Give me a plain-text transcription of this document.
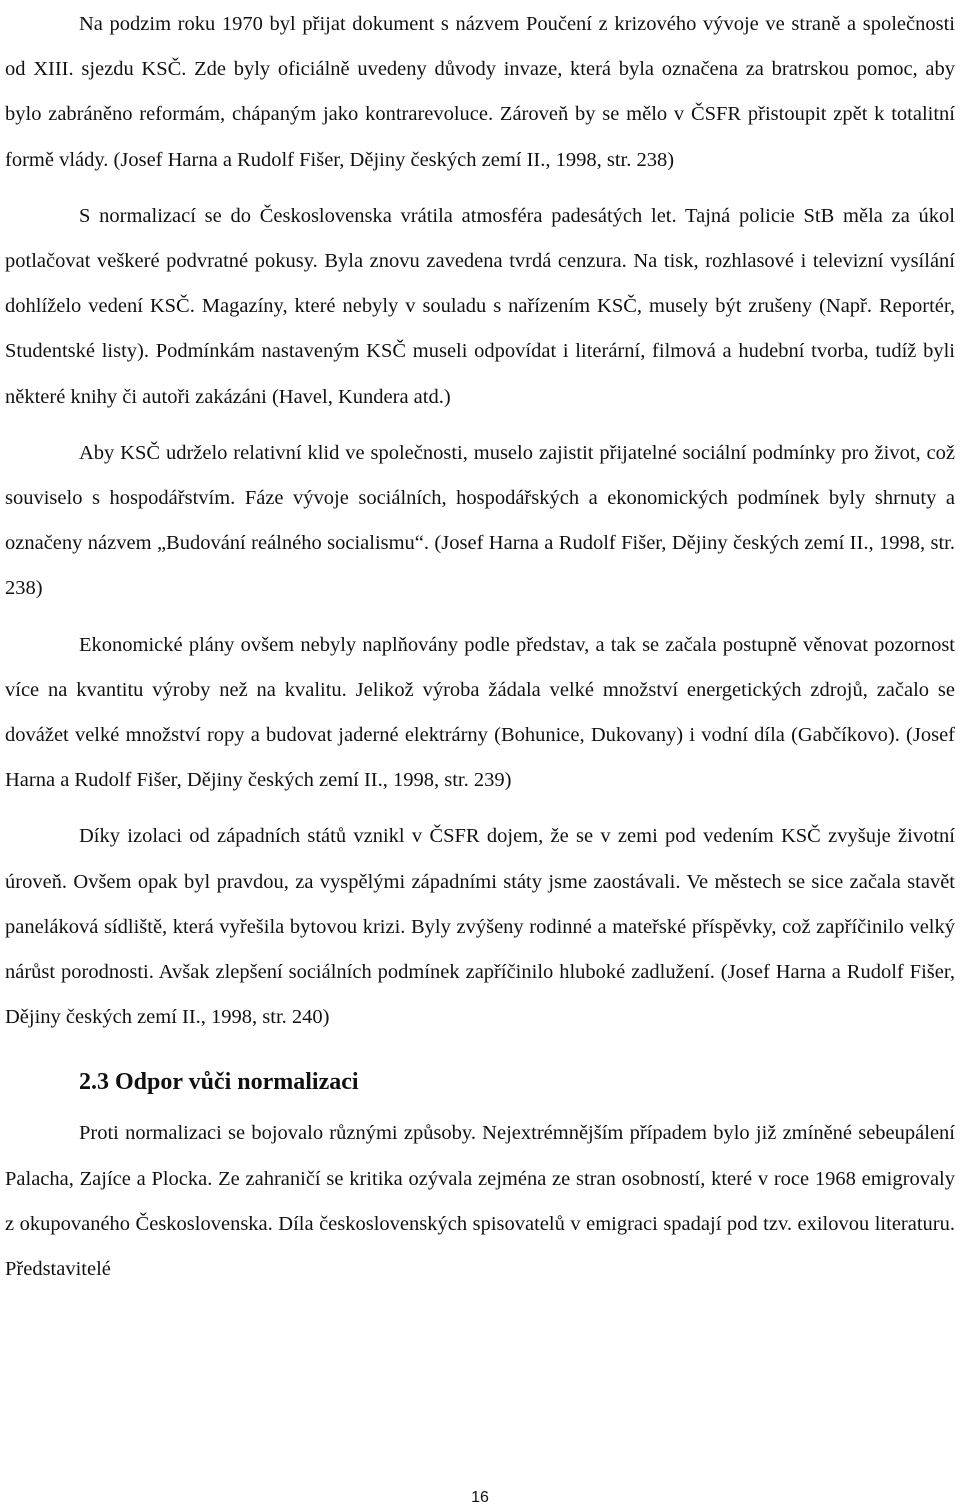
Na podzim roku 1970 byl přijat dokument s názvem Poučení z krizového vývoje ve straně a společnosti od XIII. sjezdu KSČ. Zde byly oficiálně uvedeny důvody invaze, která byla označena za bratrskou pomoc, aby bylo zabráněno reformám, chápaným jako kontrarevoluce. Zároveň by se mělo v ČSFR přistoupit zpět k totalitní formě vlády. (Josef Harna a Rudolf Fišer, Dějiny českých zemí II., 1998, str. 238)

S normalizací se do Československa vrátila atmosféra padesátých let. Tajná policie StB měla za úkol potlačovat veškeré podvratné pokusy. Byla znovu zavedena tvrdá cenzura. Na tisk, rozhlasové i televizní vysílání dohlíželo vedení KSČ. Magazíny, které nebyly v souladu s nařízením KSČ, musely být zrušeny (Např. Reportér, Studentské listy). Podmínkám nastaveným KSČ museli odpovídat i literární, filmová a hudební tvorba, tudíž byli některé knihy či autoři zakázáni (Havel, Kundera atd.)

Aby KSČ udrželo relativní klid ve společnosti, muselo zajistit přijatelné sociální podmínky pro život, což souviselo s hospodářstvím. Fáze vývoje sociálních, hospodářských a ekonomických podmínek byly shrnuty a označeny názvem „Budování reálného socialismu“. (Josef Harna a Rudolf Fišer, Dějiny českých zemí II., 1998, str. 238)

Ekonomické plány ovšem nebyly naplňovány podle představ, a tak se začala postupně věnovat pozornost více na kvantitu výroby než na kvalitu. Jelikož výroba žádala velké množství energetických zdrojů, začalo se dovážet velké množství ropy a budovat jaderné elektrárny (Bohunice, Dukovany) i vodní díla (Gabčíkovo). (Josef Harna a Rudolf Fišer, Dějiny českých zemí II., 1998, str. 239)

Díky izolaci od západních států vznikl v ČSFR dojem, že se v zemi pod vedením KSČ zvyšuje životní úroveň. Ovšem opak byl pravdou, za vyspělými západními státy jsme zaostávali. Ve městech se sice začala stavět paneláková sídliště, která vyřešila bytovou krizi. Byly zvýšeny rodinné a mateřské příspěvky, což zapříčinilo velký nárůst porodnosti. Avšak zlepšení sociálních podmínek zapříčinilo hluboké zadlužení. (Josef Harna a Rudolf Fišer, Dějiny českých zemí II., 1998, str. 240)

2.3 Odpor vůči normalizaci

Proti normalizaci se bojovalo různými způsoby. Nejextrémnějším případem bylo již zmíněné sebeupálení Palacha, Zajíce a Plocka. Ze zahraničí se kritika ozývala zejména ze stran osobností, které v roce 1968 emigrovaly z okupovaného Československa. Díla československých spisovatelů v emigraci spadají pod tzv. exilovou literaturu. Představitelé

16
